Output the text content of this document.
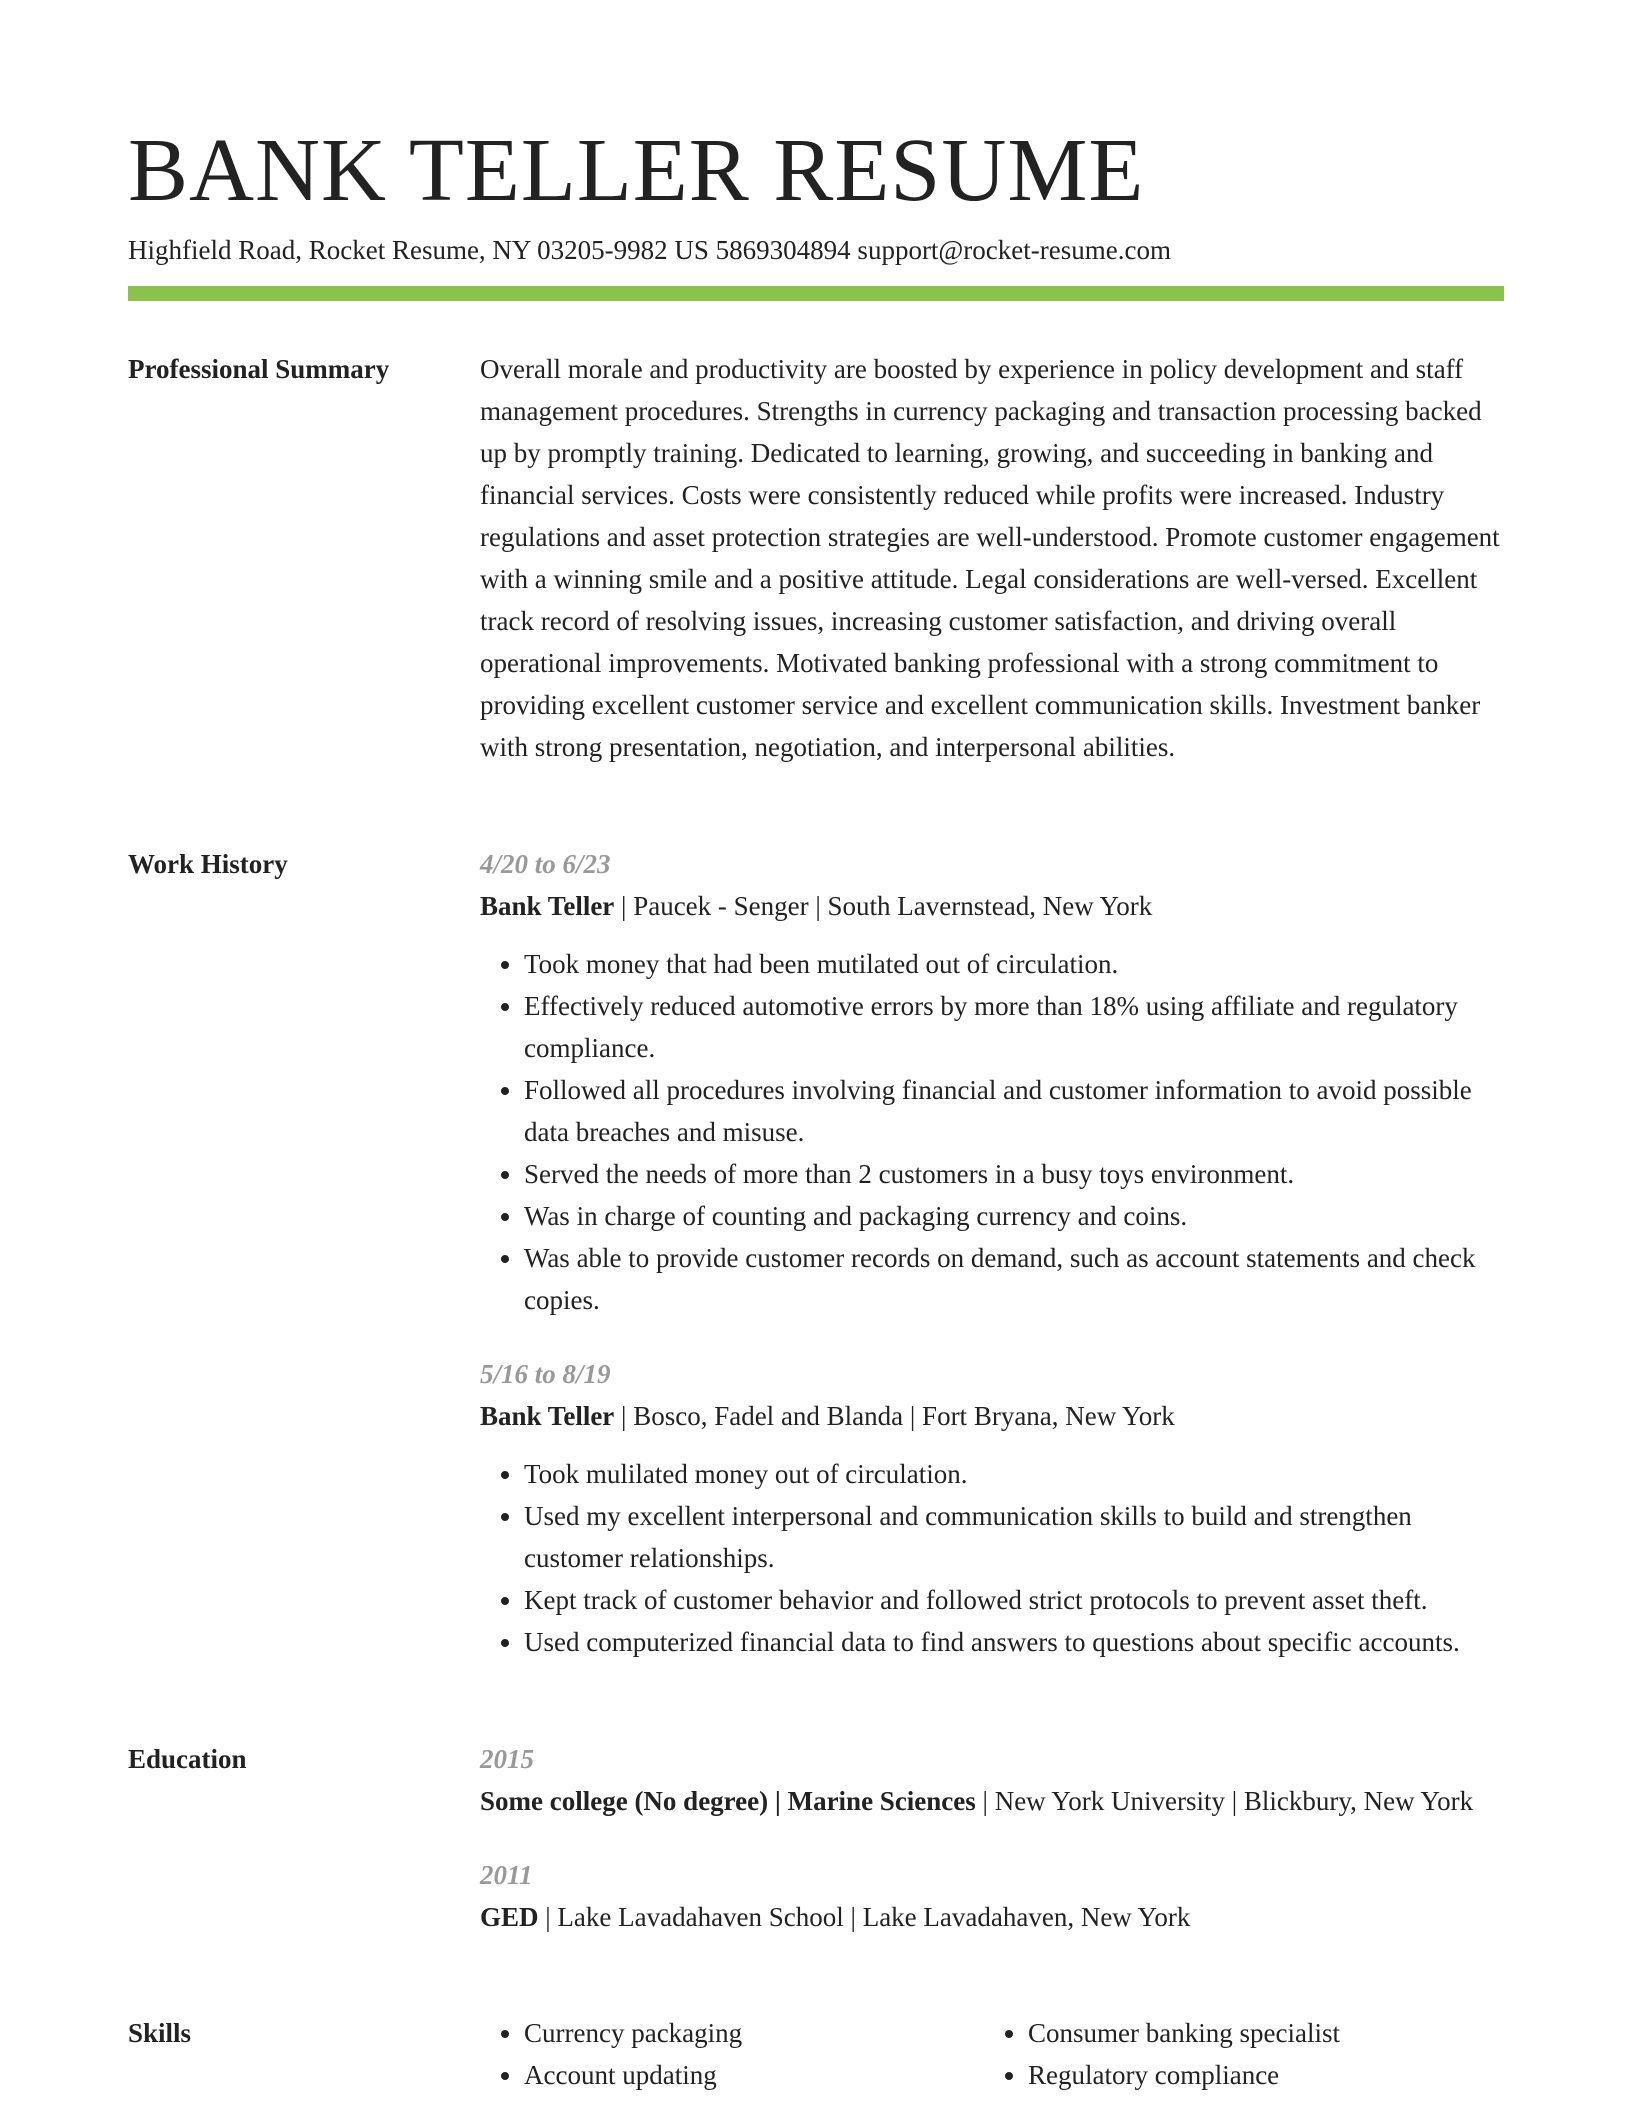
BANK TELLER RESUME
Highfield Road, Rocket Resume, NY 03205-9982 US 5869304894 support@rocket-resume.com
Professional Summary	Overall morale and productivity are boosted by experience in policy development and staff management procedures. Strengths in currency packaging and transaction processing backed up by promptly training. Dedicated to learning, growing, and succeeding in banking and financial services. Costs were consistently reduced while profits were increased. Industry regulations and asset protection strategies are well-understood. Promote customer engagement with a winning smile and a positive attitude. Legal considerations are well-versed. Excellent track record of resolving issues, increasing customer satisfaction, and driving overall operational improvements. Motivated banking professional with a strong commitment to providing excellent customer service and excellent communication skills. Investment banker with strong presentation, negotiation, and interpersonal abilities.

Work History	4/20 to 6/23
Bank Teller | Paucek - Senger | South Lavernstead, New York
• Took money that had been mutilated out of circulation.
• Effectively reduced automotive errors by more than 18% using affiliate and regulatory compliance.
• Followed all procedures involving financial and customer information to avoid possible data breaches and misuse.
• Served the needs of more than 2 customers in a busy toys environment.
• Was in charge of counting and packaging currency and coins.
• Was able to provide customer records on demand, such as account statements and check copies.
5/16 to 8/19
Bank Teller | Bosco, Fadel and Blanda | Fort Bryana, New York
• Took mulilated money out of circulation.
• Used my excellent interpersonal and communication skills to build and strengthen customer relationships.
• Kept track of customer behavior and followed strict protocols to prevent asset theft.
• Used computerized financial data to find answers to questions about specific accounts.
Education	2015
Some college (No degree) | Marine Sciences | New York University | Blickbury, New York
2011
GED | Lake Lavadahaven School | Lake Lavadahaven, New York
Skills
•	Currency packaging
• Account updating
• Consumer banking specialist
• Regulatory compliance
